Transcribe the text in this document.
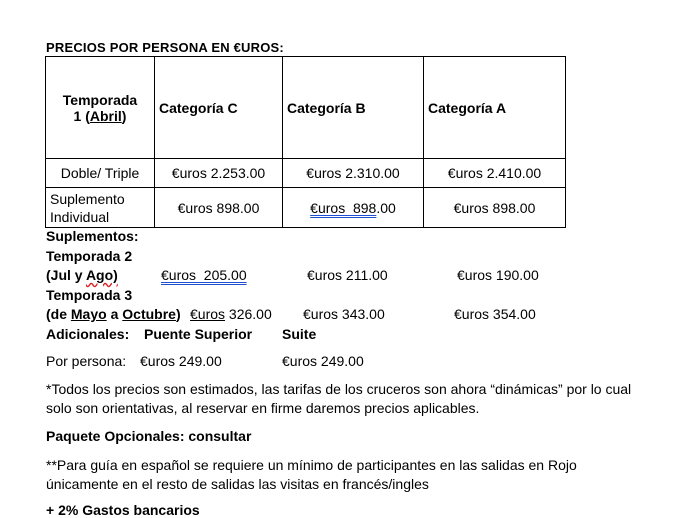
PRECIOS POR PERSONA EN €UROS:
Temporada
1 (Abril)	Categoría C	Categoría B	Categoría A
Doble/ Triple	€uros 2.253.00	€uros 2.310.00	€uros 2.410.00

Suplemento
Individual	€uros 898.00	€uros  898.00	€uros 898.00
Suplementos:
Temporada 2
(Jul y Ago)	€uros  205.00	€uros 211.00	€uros 190.00
Temporada 3
(de Mayo a Octubre) €uros 326.00 €uros 343.00	€uros 354.00
Adicionales: Puente Superior Suite
Por persona: €uros 249.00	€uros 249.00
*Todos los precios son estimados, las tarifas de los cruceros son ahora “dinámicas” por lo cual solo son orientativas, al reservar en firme daremos precios aplicables.
Paquete Opcionales: consultar
**Para guía en español se requiere un mínimo de participantes en las salidas en Rojo únicamente en el resto de salidas las visitas en francés/ingles
+ 2% Gastos bancarios
